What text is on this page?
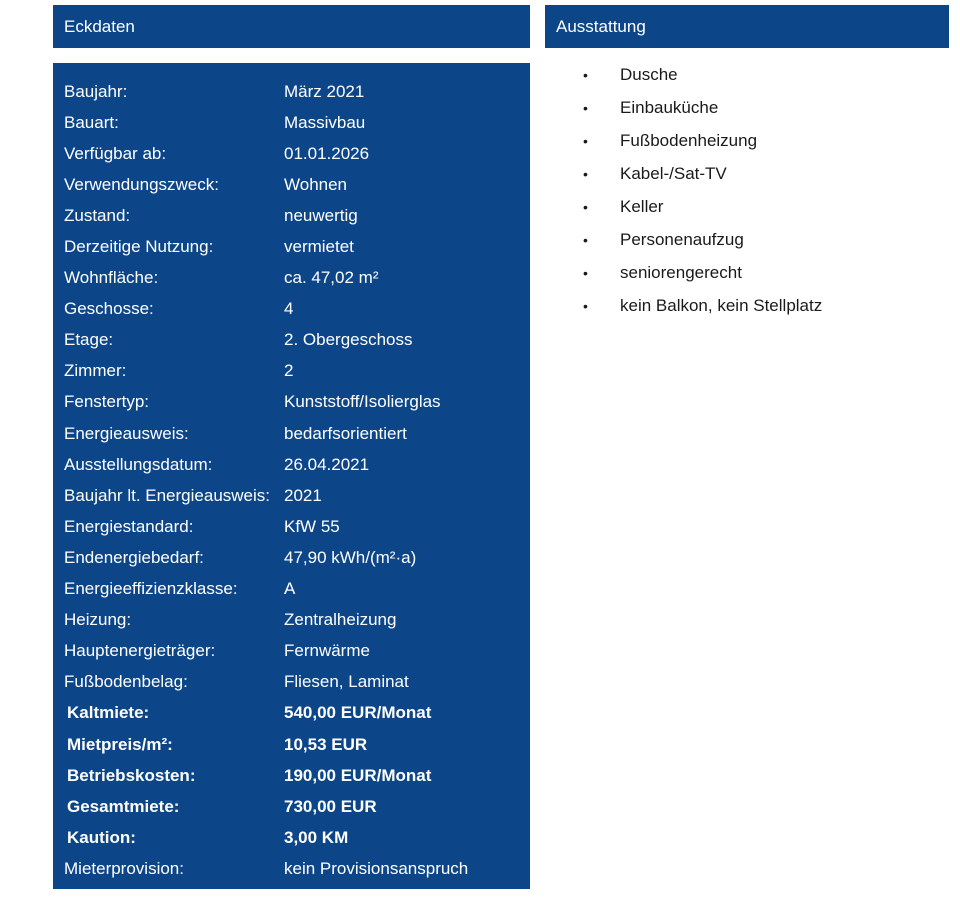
Eckdaten	Ausstattung
Baujahr:	März 2021
Bauart:	Massivbau
Verfügbar ab:	01.01.2026
Verwendungszweck:	Wohnen
Zustand:	neuwertig
Derzeitige Nutzung:	vermietet
Wohnfläche:	ca. 47,02 m²
Geschosse:	4
Etage:	2. Obergeschoss
Zimmer:	2
Fenstertyp:	Kunststoff/Isolierglas
Energieausweis:	bedarfsorientiert
Ausstellungsdatum:	26.04.2021
Baujahr lt. Energieausweis: 2021
Energiestandard:	KfW 55
Endenergiebedarf:	47,90 kWh/(m²·a)
Energieeffizienzklasse:	A
Heizung:	Zentralheizung
Hauptenergieträger:	Fernwärme
Fußbodenbelag:	Fliesen, Laminat
Kaltmiete:	540,00 EUR/Monat
Mietpreis/m²:	10,53 EUR
Betriebskosten:	190,00 EUR/Monat
Gesamtmiete:	730,00 EUR
Kaution:	3,00 KM
Mieterprovision:	kein Provisionsanspruch
•	Dusche
•	Einbauküche
•	Fußbodenheizung
•	Kabel-/Sat-TV
•	Keller
•	Personenaufzug
•	seniorengerecht
•	kein Balkon, kein Stellplatz
